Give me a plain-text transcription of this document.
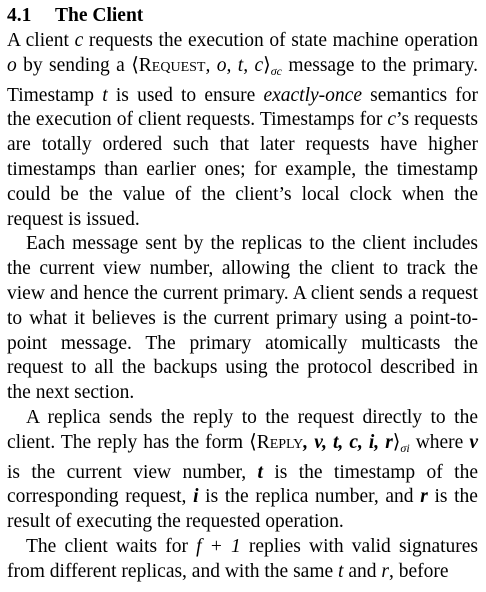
4.1 The Client

A client c requests the execution of state machine operation o by sending a ⟨Request, o, t, $c⟩_{\sigma c}$ message to the primary. Timestamp t is used to ensure exactly-once semantics for the execution of client requests. Timestamps for c’s requests are totally ordered such that later requests have higher timestamps than earlier ones; for example, the timestamp could be the value of the client’s local clock when the request is issued.

Each message sent by the replicas to the client includes the current view number, allowing the client to track the view and hence the current primary. A client sends a request to what it believes is the current primary using a point-to-point message. The primary atomically multicasts the request to all the backups using the protocol described in the next section.

A replica sends the reply to the request directly to the client. The reply has the form ⟨Reply, v, t, c, i, $r⟩_{\sigma i}$ where v is the current view number, t is the timestamp of the corresponding request, i is the replica number, and r is the result of executing the requested operation.

The client waits for f + 1 replies with valid signatures from different replicas, and with the same t and r, before
